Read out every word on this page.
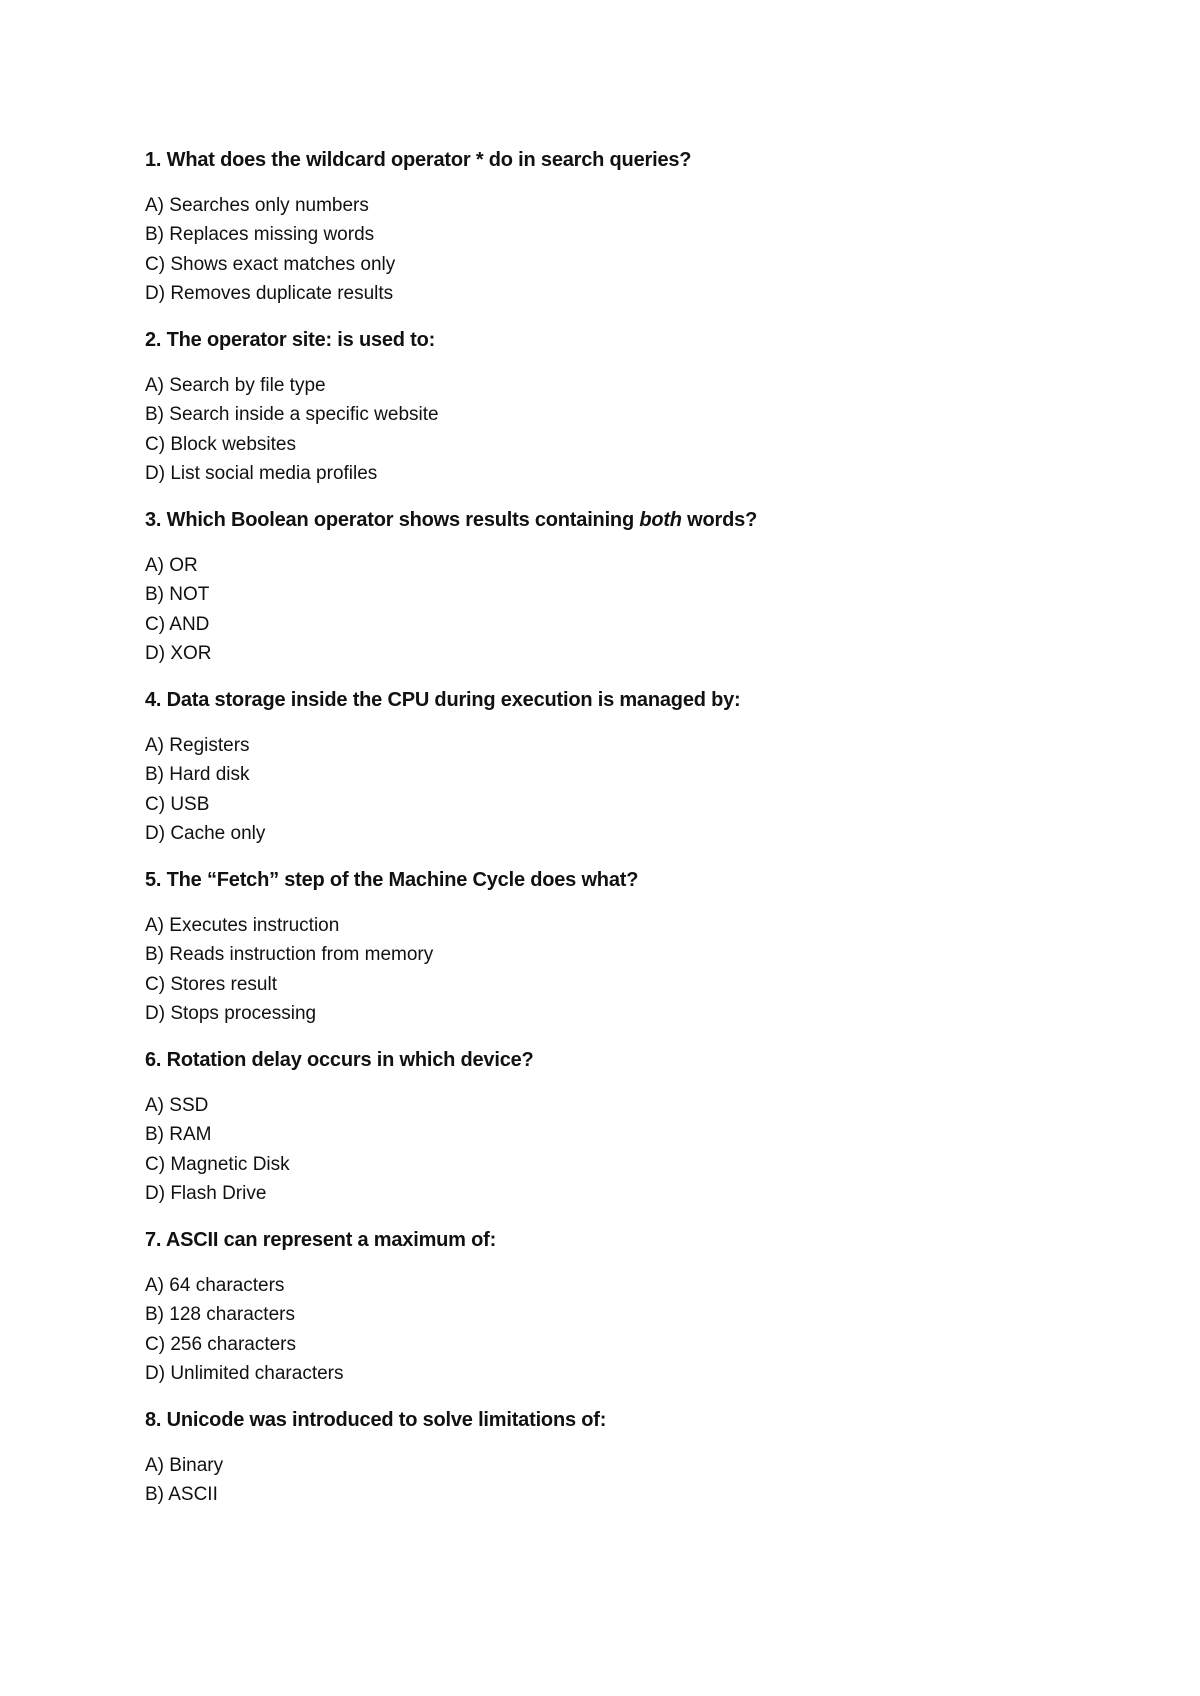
1. What does the wildcard operator * do in search queries?

A) Searches only numbers
B) Replaces missing words
C) Shows exact matches only
D) Removes duplicate results

2. The operator site: is used to:

A) Search by file type
B) Search inside a specific website
C) Block websites
D) List social media profiles

3. Which Boolean operator shows results containing both words?

A) OR
B) NOT
C) AND
D) XOR

4. Data storage inside the CPU during execution is managed by:

A) Registers
B) Hard disk
C) USB
D) Cache only

5. The “Fetch” step of the Machine Cycle does what?

A) Executes instruction
B) Reads instruction from memory
C) Stores result
D) Stops processing

6. Rotation delay occurs in which device?

A) SSD
B) RAM
C) Magnetic Disk
D) Flash Drive

7. ASCII can represent a maximum of:

A) 64 characters
B) 128 characters
C) 256 characters
D) Unlimited characters

8. Unicode was introduced to solve limitations of:

A) Binary
B) ASCII
